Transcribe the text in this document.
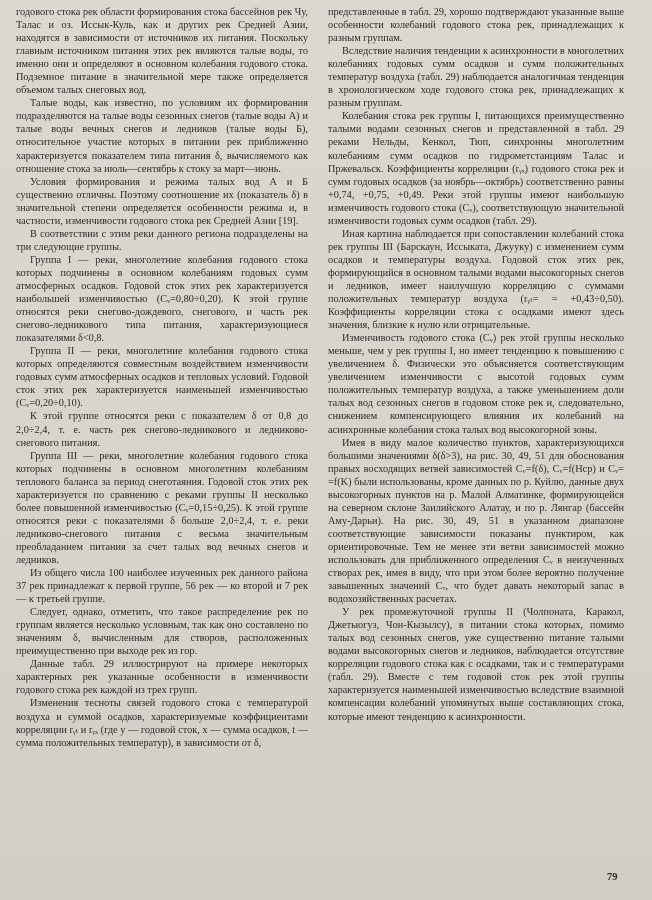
годового стока рек области формирования стока бассейнов рек Чу, Талас и оз. Иссык-Куль, как и других рек Средней Азии, находятся в зависимости от источников их питания. Поскольку главным источником питания этих рек являются талые воды, то именно они и определяют в основном колебания годового стока. Подземное питание в значительной мере также определяется объемом талых снеговых вод.

Талые воды, как известно, по условиям их формирования подразделяются на талые воды сезонных снегов (талые воды А) и талые воды вечных снегов и ледников (талые воды Б), относительное участие которых в питании рек приближенно характеризуется показателем типа питания δ, вычисляемого как отношение стока за июль—сентябрь к стоку за март—июнь.

Условия формирования и режима талых вод А и Б существенно отличны. Поэтому соотношение их (показатель δ) в значительной степени определяется особенности режима и, в частности, изменчивости годового стока рек Средней Азии [19].

В соответствии с этим реки данного региона подразделены на три следующие группы.

Группа I — реки, многолетние колебания годового стока которых подчинены в основном колебаниям годовых сумм атмосферных осадков. Годовой сток этих рек характеризуется наибольшей изменчивостью (Cᵥ=0,80÷0,20). К этой группе относятся реки снегово-дождевого, снегового, и часть рек снегово-ледникового типа питания, характеризующиеся показателями δ<0,8.

Группа II — реки, многолетние колебания годового стока которых определяются совместным воздействием изменчивости годовых сумм атмосферных осадков и тепловых условий. Годовой сток этих рек характеризуется наименьшей изменчивостью (Cᵥ=0,20÷0,10).

К этой группе относятся реки с показателем δ от 0,8 до 2,0÷2,4, т. е. часть рек снегово-ледникового и ледниково-снегового питания.

Группа III — реки, многолетние колебания годового стока которых подчинены в основном многолетним колебаниям теплового баланса за период снеготаяния. Годовой сток этих рек характеризуется по сравнению с реками группы II несколько более повышенной изменчивостью (Cᵥ=0,15÷0,25). К этой группе относятся реки с показателями δ больше 2,0÷2,4, т. е. реки ледниково-снегового питания с весьма значительным преобладанием питания за счет талых вод вечных снегов и ледников.

Из общего числа 100 наиболее изученных рек данного района 37 рек принадлежат к первой группе, 56 рек — ко второй и 7 рек — к третьей группе.

Следует, однако, отметить, что такое распределение рек по группам является несколько условным, так как оно составлено по значениям δ, вычисленным для створов, расположенных преимущественно при выходе рек из гор.

Данные табл. 29 иллюстрируют на примере некоторых характерных рек указанные особенности в изменчивости годового стока рек каждой из трех групп.

Изменения тесноты связей годового стока с температурой воздуха и суммой осадков, характеризуемые коэффициентами корреляции rᵧₜ и rᵧₓ (где y — годовой сток, x — сумма осадков, t — сумма положительных температур), в зависимости от δ,

представленные в табл. 29, хорошо подтверждают указанные выше особенности колебаний годового стока рек, принадлежащих к разным группам.

Вследствие наличия тенденции к асинхронности в многолетних колебаниях годовых сумм осадков и сумм положительных температур воздуха (табл. 29) наблюдается аналогичная тенденция в хронологическом ходе годового стока рек, принадлежащих к разным группам.

Колебания стока рек группы I, питающихся преимущественно талыми водами сезонных снегов и представленной в табл. 29 реками Нельды, Кенкол, Тюп, синхронны многолетним колебаниям сумм осадков по гидрометстанциям Талас и Пржевальск. Коэффициенты корреляции (rᵧₓ) годового стока рек и сумм годовых осадков (за ноябрь—октябрь) соответственно равны +0,74, +0,75, +0,49. Реки этой группы имеют наибольшую изменчивость годового стока (Cᵥ), соответствующую значительной изменчивости годовых сумм осадков (табл. 29).

Иная картина наблюдается при сопоставлении колебаний стока рек группы III (Барскаун, Иссыката, Джууку) с изменением сумм осадков и температуры воздуха. Годовой сток этих рек, формирующийся в основном талыми водами высокогорных снегов и ледников, имеет наилучшую корреляцию с суммами положительных температур воздуха (rᵧₜ= = +0,43÷0,50). Коэффициенты корреляции стока с осадками имеют здесь значения, близкие к нулю или отрицательные.

Изменчивость годового стока (Cᵥ) рек этой группы несколько меньше, чем у рек группы I, но имеет тенденцию к повышению с увеличением δ. Физически это объясняется соответствующим увеличением изменчивости с высотой годовых сумм положительных температур воздуха, а также уменьшением доли талых вод сезонных снегов в годовом стоке рек и, следовательно, снижением компенсирующего влияния их колебаний на асинхронные колебания стока талых вод высокогорной зоны.

Имея в виду малое количество пунктов, характеризующихся большими значениями δ(δ>3), на рис. 30, 49, 51 для обоснования правых восходящих ветвей зависимостей Cᵥ=f(δ), Cᵥ=f(Hср) и Cᵥ= =f(K) были использованы, кроме данных по р. Куйлю, данные двух высокогорных пунктов на р. Малой Алматинке, формирующейся на северном склоне Заилийского Алатау, и по р. Лянгар (бассейн Аму-Дарьи). На рис. 30, 49, 51 в указанном диапазоне соответствующие зависимости показаны пунктиром, как ориентировочные. Тем не менее эти ветви зависимостей можно использовать для приближенного определения Cᵥ в неизученных створах рек, имея в виду, что при этом более вероятно получение завышенных значений Cᵥ, что будет давать некоторый запас в водохозяйственных расчетах.

У рек промежуточной группы II (Чолпоната, Каракол, Джетыогуз, Чон-Кызылсу), в питании стока которых, помимо талых вод сезонных снегов, уже существенно питание талыми водами высокогорных снегов и ледников, наблюдается отсутствие корреляции годового стока как с осадками, так и с температурами (табл. 29). Вместе с тем годовой сток рек этой группы характеризуется наименьшей изменчивостью вследствие взаимной компенсации колебаний упомянутых выше составляющих стока, которые имеют тенденцию к асинхронности.

79
